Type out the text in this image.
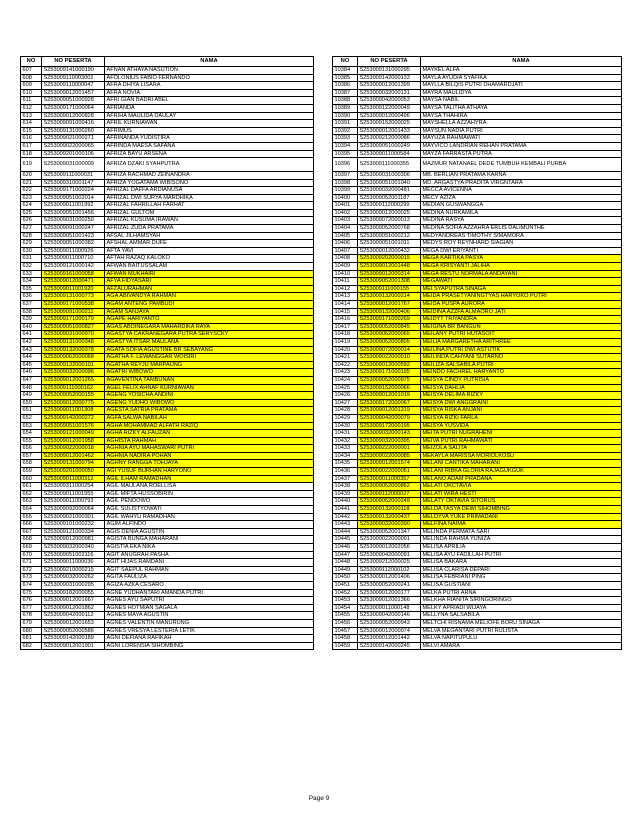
NO	NO PESERTA	NAMA
607	S253009141000190	AFNAN ATHAYA NASUTION
608	S253009110003002	AFOLONIUS FABIO FERNANDO
609	S253009110000047	AFRA DHIYA LISARA
610	S253009012001457	AFRA NOVIA
611	S253009051000928	AFRI GIAN BADRI ABEL
612	S253009171000064	AFRIANDA
613	S253009012000828	AFRIHA MAULIDA DAULAY
614	S253009091000416	AFRIL KURNIAWAN
615	S253009131000260	AFRIMUS
616	S253009021000271	AFRINANDA YUDISTIRA
617	S253009022000065	AFRINDA MAESA SAFANA
618	S253009201000106	AFRIZA BAYU ARSENA
619	S253009031000009	AFRIZA DZAKI SYAHPUTRA
620	S253009111000031	AFRIZA RACHMAD ZEINANDRA
621	S253009310001147	AFRIZA YOGATAMA WIBISONO
622	S253009171000224	AFRIZAL DAFFA ARDIANUSA
623	S253009051002014	AFRIZAL DWI SURYA MARDHIKA
624	S253009011001992	AFRIZAL FAHRILLAH FARHAT
625	S253009051001456	AFRIZAL GULTOM
626	S253009031000250	AFRIZAL KUSUMA IRAWAN
627	S253009091000247	AFRIZAL ZUDA PRATAMA
628	S253009051001423	AFSAL JILHAMSYAH
629	S253009051000382	AFSHAL AMMAR DUFE
630	S253009011000926	AFTA YAVI
631	S253009011000710	AFTAH RAZAQ KALOKO
632	S253009121000142	AFWAN BAITUSSALAM
633	S253009161000058	AFWAN MUKHAIRI
634	S253009012000471	AFYA FIDYASARI
635	S253009011001920	AFZALURAHMAN
636	S253009131000773	AGA ABIVANDYA RAHMAN
637	S253009171000538	AGAM ANTENG PAMBUDI
638	S253009091000211	AGAM SANJAYA
639	S253009171000179	AGAPE HARIYANTO
640	S253009051000827	AGAS ABDINEGARA MAHARDIKA RAYA
641	S253009031000970	AGASTYA CAKRANEGARA PUTRA SERYSCKY
642	S253009131000348	AGASTYA ITSAR MAULANA
643	S253009132000378	AGATA SOFIA AGUSTINE BR SEBAYANG
644	S253009062000068	AGATHA F. LEWANGGAR WOISIRI
645	S253009132000101	AGATHA REYJU MARPAUNG
646	S253009032000096	AGATRI WIBOWO
647	S253009012001265	AGAVENTINA TAMBUNAN
648	S253009111000162	AGEL FELIX AHNAF KURNIAWAN
649	S253009052000155	AGENG YOSICHA ANDINI
650	S253009012000775	AGENG YUDHO WIBOWO
651	S253009011001308	AGESTA SATRIA PRATAMA
652	S253009142000272	AGFA SALWA NABILAH
653	S253009051001576	AGHA MOHAMMAD ALFATH RAZIQ
654	S253009121000049	AGHA RIZKY ALFAUZAN
655	S253009012001958	AGHISTA RAHMAH
656	S253009022000018	AGHNIA AYU MAHASWARI PUTRI
657	S253009012001462	AGHNIA NADIRA POHAN
658	S253009131000794	AGHNY RANGGA TOHJAYA
659	S253009201000050	AGI YUSUF BURHAN HARYONO
660	S253009011000312	AGIL ILHAM RAMADHAN
661	S253009311000254	AGIL MAULANA ROELLISA
662	S253009011001955	AGIL MIFTA HUSSOBIRIN
663	S253009011000793	AGIL PENDOWO
664	S253009092000064	AGIL SULISTYOWATI
665	S253009021000301	AGIL WAHYU RAMADHAN
666	S253009101000232	AGIM ALFINDO
667	S253009121000334	AGIS DENIA AGUSTIN
668	S253009012000981	AGISTA BUNGA MAHARANI
669	S253009032000340	AGISTIA EKA NIKA
670	S253009051002116	AGIT ANUGRAH PASHA
671	S253009011000036	AGIT HIJAS RAMDANI
672	S253009210000215	AGIT SAEPUL RAHMAN
673	S253009032000262	AGITA FAULIZA
674	S253009031000295	AGIZA AZKA CESARO
675	S253009182000055	AGNE YUDHANTARI AMANDA PUTRI
676	S253009012001667	AGNES AYU SAPUTRI
677	S253009012001862	AGNES HOTMIAN SAGALA
678	S253009042000112	AGNES MAYA AGUSTIN
679	S253009012001653	AGNES VALENTIN MANURUNG
680	S253009052000586	AGNES VRESYA LESTERIA LETIK
681	S253009142000189	AGNI DEFIANA RAFIKAH
682	S253009012001901	AGNI LORENSIA SIHOMBING
NO	NO PESERTA	NAMA
10384	S253009131000295	MAYKEL ALFA
10385	S253009142000133	MAYLA AYUDIA SYAFIKA
10386	S253009012001399	MAYLLA BILQIS PUTRI DHAMARDJATI
10387	S253009032000131	MAYRA MAULIDYA
10388	S253009042000053	MAYSA NABIL
10389	S253009122000049	MAYSA TALITHA ATHAYA
10390	S253009012000496	MAYSA THAHIRA
10391	S253009152000025	MAYSHELLA AZZAHYRA
10392	S253009012001433	MAYSUN NADIA PUTRI
10393	S253009212000086	MAYUZA RAHMAWATI
10394	S253009051000249	MAYVICO LANDRIAN REHAN PRATAMA
10395	S253009011000584	MAYZA FARRASTA PUTRA
10396	S253009111000355	MAZMUR NATANAEL DEDE TUMBUH KEMBALI PURBA
10397	S253009031000306	MB. BERLIAN PRATAMA KARNA
10398	S253009051001040	MD. ARGASTYA PRADITA VIRGNTARA
10399	S253009032000481	MECCA AVICENNA
10400	S253009052001187	MECY AZIZA
10401	S253009112000299	MEDIAN GUSWANGGA
10402	S253009012000025	MEDINA NURKAMILA
10403	S253009072000013	MEDINA RASYA
10404	S253009052000768	MEDINA SOFIA AZZAHRA ERLIS DALIMUNTHE
10405	S253009051000212	MEDYANDREAS TIMOTHY SIMAMORA
10406	S253009051001011	MEDYS ROY REYNHARD SIAGIAN
10407	S253009012000432	MEGA DWI ERIYANTI
10408	S253009202000015	MEGA KARTIKA PASYA
10409	S253009012001448	MEGA KRISYANTI JALIHA
10410	S253009012000314	MEGA RESTU NORMALA ANDAYANI
10411	S253009052001308	MEGAWATI
10412	S253009111000155	MEI SYAPUTRA SINAGA
10413	S253009132000214	MEIDA PRASETYANINGTYAS HARYOKO PUTRI
10414	S253009012001767	MEIDA PUSPA AURORA
10415	S253009132000406	MEIDINA AZZFA ALMAORO JATI
10416	S253009171000269	MEIDYT TRIYANDRA
10417	S253009052000845	MEIGINA BR BANGUN
10418	S253009062000065	MEILANY PUTRI HUTASOIT
10419	S253009052000805	MEILIA MARGARETHA ARITHREE
10420	S253009072000014	MEILINA PUTRI DWI ASTUTIK
10421	S253009022000010	MEILINDA CAHYANI SUTARNO
10422	S253009012000592	MEILIZA SALSABILA PUTRI
10423	S253009171000195	MEINDO FACHREL HARYANTO
10424	S253009052000975	MEISYA CINDY PUTRISIA
10425	S253009152000066	MEISYA DAHLIA
10426	S253009012001019	MEISYA DELIMA RIZKY
10427	S253009172000067	MEISYA DWI ANGGRAINI
10428	S253009012001319	MEISYA RISKA ANJANI
10429	S253009042000079	MEISYA RIZKI FARLA
10430	S253009172000195	MEISYA YUSVIDA
10431	S253009032000143	MEITA PUTRI NUGRAHENI
10432	S253009032000395	MEIVA PUTRI RAHMAWATI
10433	S253009222000001	MEIZOLA SALITA
10434	S253009022000085	MEKAYLA MARISSA MORIOLKOSU
10435	S253009012001574	MELANI CANTIKA MAHARANI
10436	S253009022000051	MELANI RIBKA GLORIA RAJAGUKGUK
10437	S253009011000357	MELANO ADAM PRADANA
10438	S253009052000862	MELATI OKCTAVIA
10439	S253009112000027	MELATI WIRA HESTI
10440	S253009052000249	MELATY OKTAVIA SITORUS
10441	S253009132000118	MELDA TASYA DEWI SIHOMBING
10442	S253009132000437	MELDYVA YUKE PRIMADANI
10443	S253009032000390	MELFINA NAIMA
10444	S253009052001347	MELINDA PERMATA SARI
10445	S253009022000091	MELINDA RAHMA YUNIZA
10446	S253009012002056	MELISA APRILIA
10447	S253009042000091	MELISA AYU FADILLAH PUTRI
10448	S253009212000025	MELISA BAKARA
10449	S253009112000102	MELISA CLARISA DEPARI
10450	S253009012001406	MELISA FEBRIANI PING
10451	S253009052000241	MELISA GUSTIANI
10452	S253009012000177	MELKA PUTRI ARNA
10453	S253009012001366	MELKHA RIANITA SIRINGORINGO
10454	S253009011000148	MELKY APRIADI WIJAYA
10455	S253009042000146	MELLYNA SALSABILA
10456	S253009052000943	MELTCHI RISNAMA MELIOFE BORU SINAGA
10457	S253009012000074	MELVA MEGANTARI PUTRI RULISTA
10458	S253009012001442	MELVA NAPITUPULU
10459	S253009142000245	MELVI AMARA
Page 9
